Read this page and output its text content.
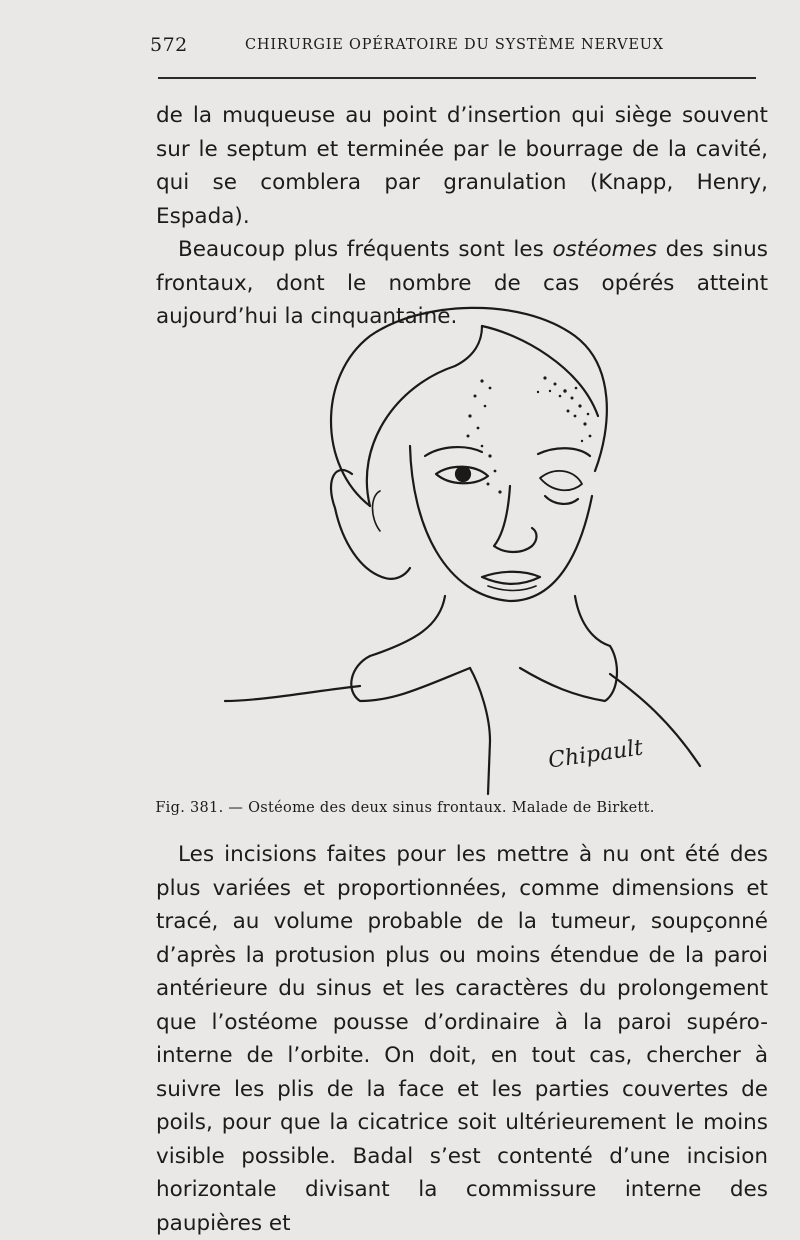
572	CHIRURGIE OPÉRATOIRE DU SYSTÈME NERVEUX

de la muqueuse au point d’insertion qui siège souvent sur le septum et terminée par le bourrage de la cavité, qui se comblera par granulation (Knapp, Henry, Espada).

Beaucoup plus fréquents sont les ostéomes des sinus frontaux, dont le nombre de cas opérés atteint aujourd’hui la cinquantaine.

Chipault
Fig. 381. — Ostéome des deux sinus frontaux. Malade de Birkett.

Les incisions faites pour les mettre à nu ont été des plus variées et proportionnées, comme dimensions et tracé, au volume probable de la tumeur, soupçonné d’après la protusion plus ou moins étendue de la paroi antérieure du sinus et les caractères du prolongement que l’ostéome pousse d’ordinaire à la paroi supéro-interne de l’orbite. On doit, en tout cas, chercher à suivre les plis de la face et les parties couvertes de poils, pour que la cicatrice soit ultérieurement le moins visible possible. Badal s’est contenté d’une incision horizontale divisant la commissure interne des paupières et
